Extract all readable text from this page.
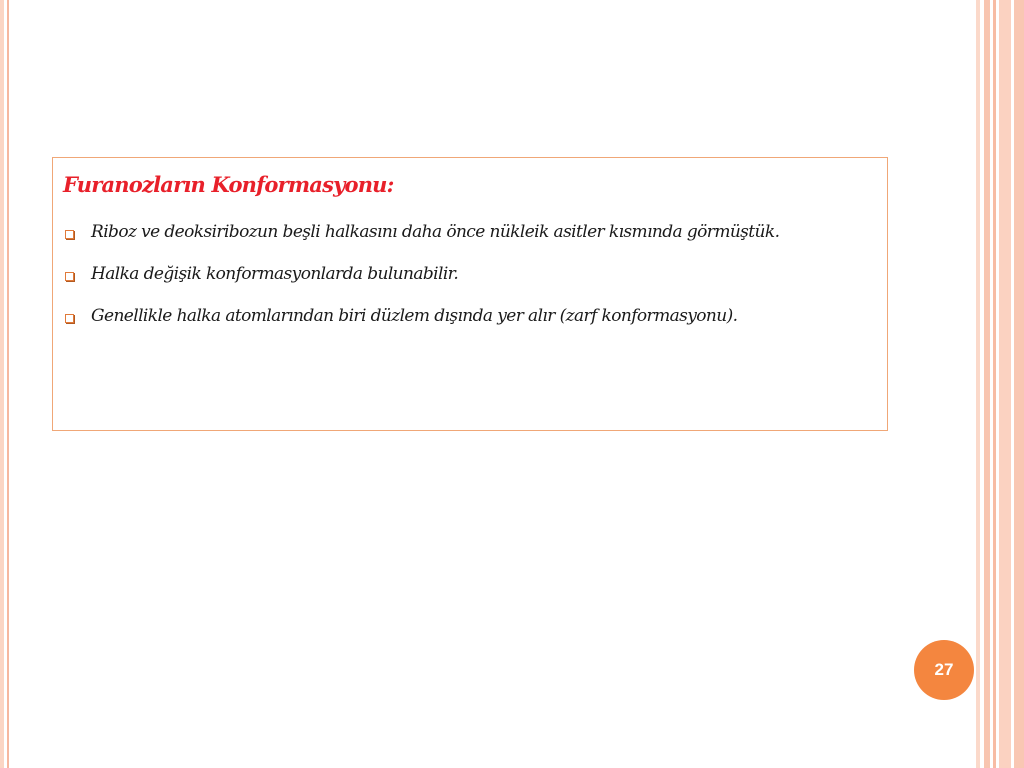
Furanozların Konformasyonu:
Riboz ve deoksiribozun beşli halkasını daha önce nükleik asitler kısmında görmüştük.
Halka değişik konformasyonlarda bulunabilir.
Genellikle halka atomlarından biri düzlem dışında yer alır (zarf konformasyonu).
27
